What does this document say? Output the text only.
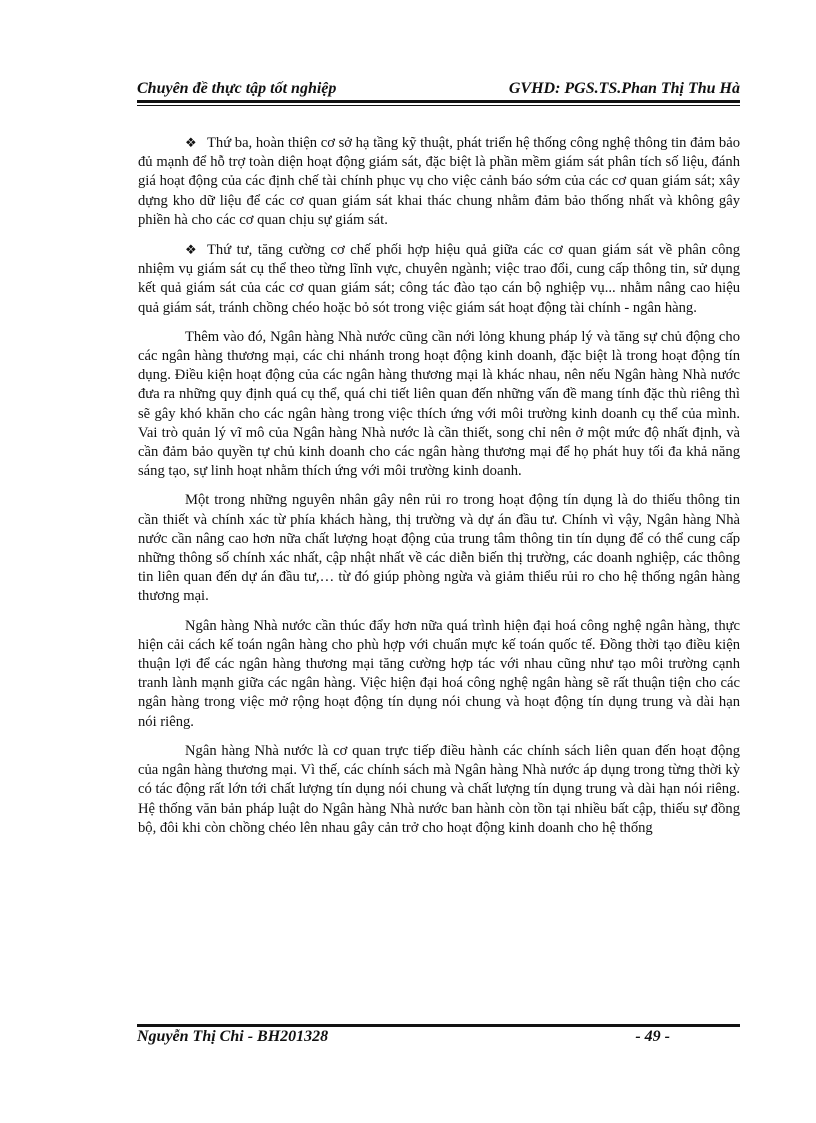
Chuyên đề thực tập tốt nghiệp	GVHD: PGS.TS.Phan Thị Thu Hà

❖ Thứ ba, hoàn thiện cơ sở hạ tầng kỹ thuật, phát triển hệ thống công nghệ thông tin đảm bảo đủ mạnh để hỗ trợ toàn diện hoạt động giám sát, đặc biệt là phần mềm giám sát phân tích số liệu, đánh giá hoạt động của các định chế tài chính phục vụ cho việc cảnh báo sớm của các cơ quan giám sát; xây dựng kho dữ liệu để các cơ quan giám sát khai thác chung nhằm đảm bảo thống nhất và không gây phiền hà cho các cơ quan chịu sự giám sát.

❖ Thứ tư, tăng cường cơ chế phối hợp hiệu quả giữa các cơ quan giám sát về phân công nhiệm vụ giám sát cụ thể theo từng lĩnh vực, chuyên ngành; việc trao đổi, cung cấp thông tin, sử dụng kết quả giám sát của các cơ quan giám sát; công tác đào tạo cán bộ nghiệp vụ... nhằm nâng cao hiệu quả giám sát, tránh chồng chéo hoặc bỏ sót trong việc giám sát hoạt động tài chính - ngân hàng.

Thêm vào đó, Ngân hàng Nhà nước cũng cần nới lỏng khung pháp lý và tăng sự chủ động cho các ngân hàng thương mại, các chi nhánh trong hoạt động kinh doanh, đặc biệt là trong hoạt động tín dụng. Điều kiện hoạt động của các ngân hàng thương mại là khác nhau, nên nếu Ngân hàng Nhà nước đưa ra những quy định quá cụ thể, quá chi tiết liên quan đến những vấn đề mang tính đặc thù riêng thì sẽ gây khó khăn cho các ngân hàng trong việc thích ứng với môi trường kinh doanh cụ thể của mình. Vai trò quản lý vĩ mô của Ngân hàng Nhà nước là cần thiết, song chỉ nên ở một mức độ nhất định, và cần đảm bảo quyền tự chủ kinh doanh cho các ngân hàng thương mại để họ phát huy tối đa khả năng sáng tạo, sự linh hoạt nhằm thích ứng với môi trường kinh doanh.

Một trong những nguyên nhân gây nên rủi ro trong hoạt động tín dụng là do thiếu thông tin cần thiết và chính xác từ phía khách hàng, thị trường và dự án đầu tư. Chính vì vậy, Ngân hàng Nhà nước cần nâng cao hơn nữa chất lượng hoạt động của trung tâm thông tin tín dụng để có thể cung cấp những thông số chính xác nhất, cập nhật nhất về các diễn biến thị trường, các doanh nghiệp, các thông tin liên quan đến dự án đầu tư,… từ đó giúp phòng ngừa và giảm thiểu rủi ro cho hệ thống ngân hàng thương mại.

Ngân hàng Nhà nước cần thúc đẩy hơn nữa quá trình hiện đại hoá công nghệ ngân hàng, thực hiện cải cách kế toán ngân hàng cho phù hợp với chuẩn mực kế toán quốc tế. Đồng thời tạo điều kiện thuận lợi để các ngân hàng thương mại tăng cường hợp tác với nhau cũng như tạo môi trường cạnh tranh lành mạnh giữa các ngân hàng. Việc hiện đại hoá công nghệ ngân hàng sẽ rất thuận tiện cho các ngân hàng trong việc mở rộng hoạt động tín dụng nói chung và hoạt động tín dụng trung và dài hạn nói riêng.

Ngân hàng Nhà nước là cơ quan trực tiếp điều hành các chính sách liên quan đến hoạt động của ngân hàng thương mại. Vì thế, các chính sách mà Ngân hàng Nhà nước áp dụng trong từng thời kỳ có tác động rất lớn tới chất lượng tín dụng nói chung và chất lượng tín dụng trung và dài hạn nói riêng. Hệ thống văn bản pháp luật do Ngân hàng Nhà nước ban hành còn tồn tại nhiều bất cập, thiếu sự đồng bộ, đôi khi còn chồng chéo lên nhau gây cản trở cho hoạt động kinh doanh cho hệ thống

Nguyễn Thị Chi - BH201328	- 49 -
